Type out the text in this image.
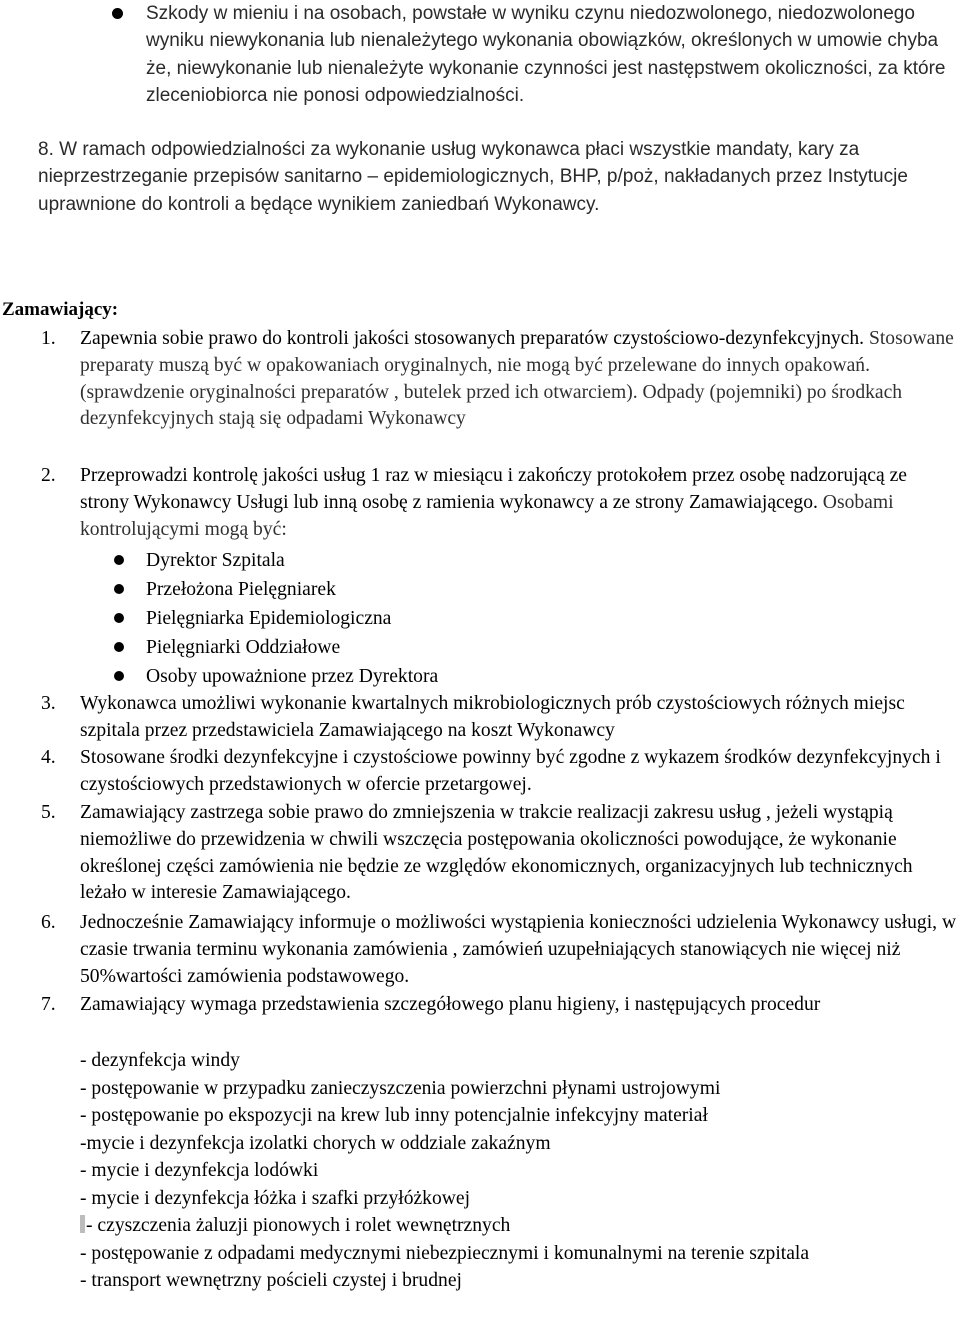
Szkody w mieniu i na osobach, powstałe w wyniku czynu niedozwolonego, niedozwolonego wyniku niewykonania lub nienależytego wykonania obowiązków, określonych w umowie chyba że, niewykonanie lub nienależyte wykonanie czynności jest następstwem okoliczności, za które zleceniobiorca nie ponosi odpowiedzialności.
8. W ramach odpowiedzialności za wykonanie usług wykonawca płaci wszystkie mandaty, kary za nieprzestrzeganie przepisów sanitarno – epidemiologicznych, BHP, p/poż, nakładanych przez Instytucje uprawnione do kontroli a będące wynikiem zaniedbań Wykonawcy.
Zamawiający:
1. Zapewnia sobie prawo do kontroli jakości stosowanych preparatów czystościowo-dezynfekcyjnych. Stosowane preparaty muszą być w opakowaniach oryginalnych, nie mogą być przelewane do innych opakowań.(sprawdzenie oryginalności preparatów , butelek przed ich otwarciem). Odpady (pojemniki) po środkach dezynfekcyjnych stają się odpadami Wykonawcy
2. Przeprowadzi kontrolę jakości usług 1 raz w miesiącu i zakończy protokołem przez osobę nadzorującą ze strony Wykonawcy Usługi lub inną osobę z ramienia wykonawcy a ze strony Zamawiającego. Osobami kontrolującymi mogą być:
Dyrektor Szpitala
Przełożona Pielęgniarek
Pielęgniarka Epidemiologiczna
Pielęgniarki Oddziałowe
Osoby upoważnione przez Dyrektora
3. Wykonawca umożliwi wykonanie kwartalnych mikrobiologicznych prób czystościowych różnych miejsc szpitala przez przedstawiciela Zamawiającego na koszt Wykonawcy
4. Stosowane środki dezynfekcyjne i czystościowe powinny być zgodne z wykazem środków dezynfekcyjnych i czystościowych przedstawionych w ofercie przetargowej.
5. Zamawiający zastrzega sobie prawo do zmniejszenia w trakcie realizacji zakresu usług , jeżeli wystąpią niemożliwe do przewidzenia w chwili wszczęcia postępowania okoliczności powodujące, że wykonanie określonej części zamówienia nie będzie ze względów ekonomicznych, organizacyjnych lub technicznych leżało w interesie Zamawiającego.
6. Jednocześnie Zamawiający informuje o możliwości wystąpienia konieczności udzielenia Wykonawcy usługi, w czasie trwania terminu wykonania zamówienia , zamówień uzupełniających stanowiących nie więcej niż 50%wartości zamówienia podstawowego.
7. Zamawiający wymaga przedstawienia szczegółowego planu higieny, i następujących procedur
- dezynfekcja windy
- postępowanie w przypadku zanieczyszczenia powierzchni płynami ustrojowymi
- postępowanie po ekspozycji na krew lub inny potencjalnie infekcyjny materiał
-mycie i dezynfekcja izolatki chorych w oddziale zakaźnym
- mycie i dezynfekcja lodówki
- mycie i dezynfekcja łóżka i szafki przyłóżkowej
- czyszczenia żaluzji pionowych i rolet wewnętrznych
- postępowanie z odpadami medycznymi niebezpiecznymi i komunalnymi na terenie szpitala
- transport wewnętrzny pościeli czystej i brudnej
